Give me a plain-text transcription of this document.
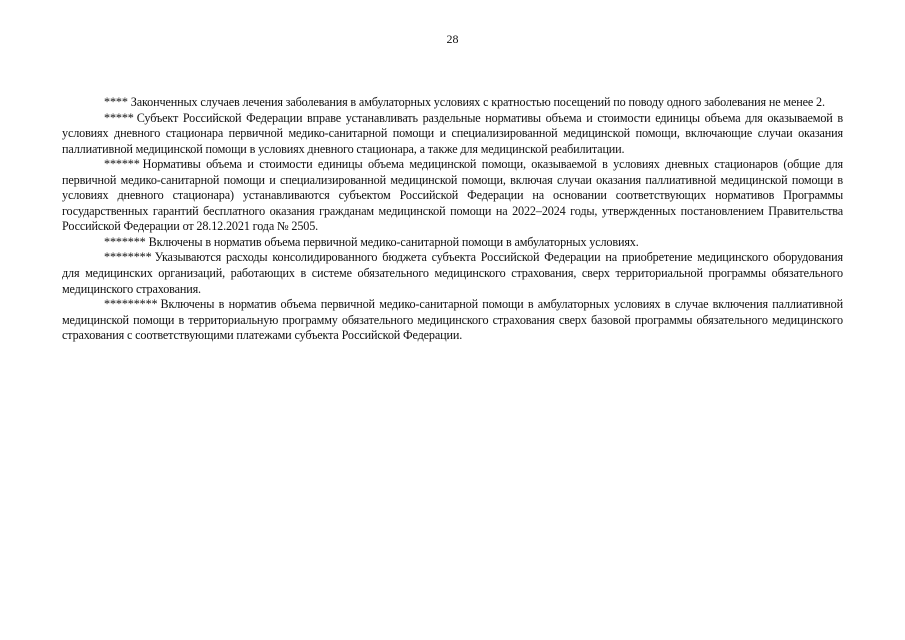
28

**** Законченных случаев лечения заболевания в амбулаторных условиях с кратностью посещений по поводу одного заболевания не менее 2.

***** Субъект Российской Федерации вправе устанавливать раздельные нормативы объема и стоимости единицы объема для оказываемой в условиях дневного стационара первичной медико-санитарной помощи и специализированной медицинской помощи, включающие случаи оказания паллиативной медицинской помощи в условиях дневного стационара, а также для медицинской реабилитации.

****** Нормативы объема и стоимости единицы объема медицинской помощи, оказываемой в условиях дневных стационаров (общие для первичной медико-санитарной помощи и специализированной медицинской помощи, включая случаи оказания паллиативной медицинской помощи в условиях дневного стационара) устанавливаются субъектом Российской Федерации на основании соответствующих нормативов Программы государственных гарантий бесплатного оказания гражданам медицинской помощи на 2022–2024 годы, утвержденных постановлением Правительства Российской Федерации от 28.12.2021 года № 2505.

******* Включены в норматив объема первичной медико-санитарной помощи в амбулаторных условиях.

******** Указываются расходы консолидированного бюджета субъекта Российской Федерации на приобретение медицинского оборудования для медицинских организаций, работающих в системе обязательного медицинского страхования, сверх территориальной программы обязательного медицинского страхования.

********* Включены в норматив объема первичной медико-санитарной помощи в амбулаторных условиях в случае включения паллиативной медицинской помощи в территориальную программу обязательного медицинского страхования сверх базовой программы обязательного медицинского страхования с соответствующими платежами субъекта Российской Федерации.
